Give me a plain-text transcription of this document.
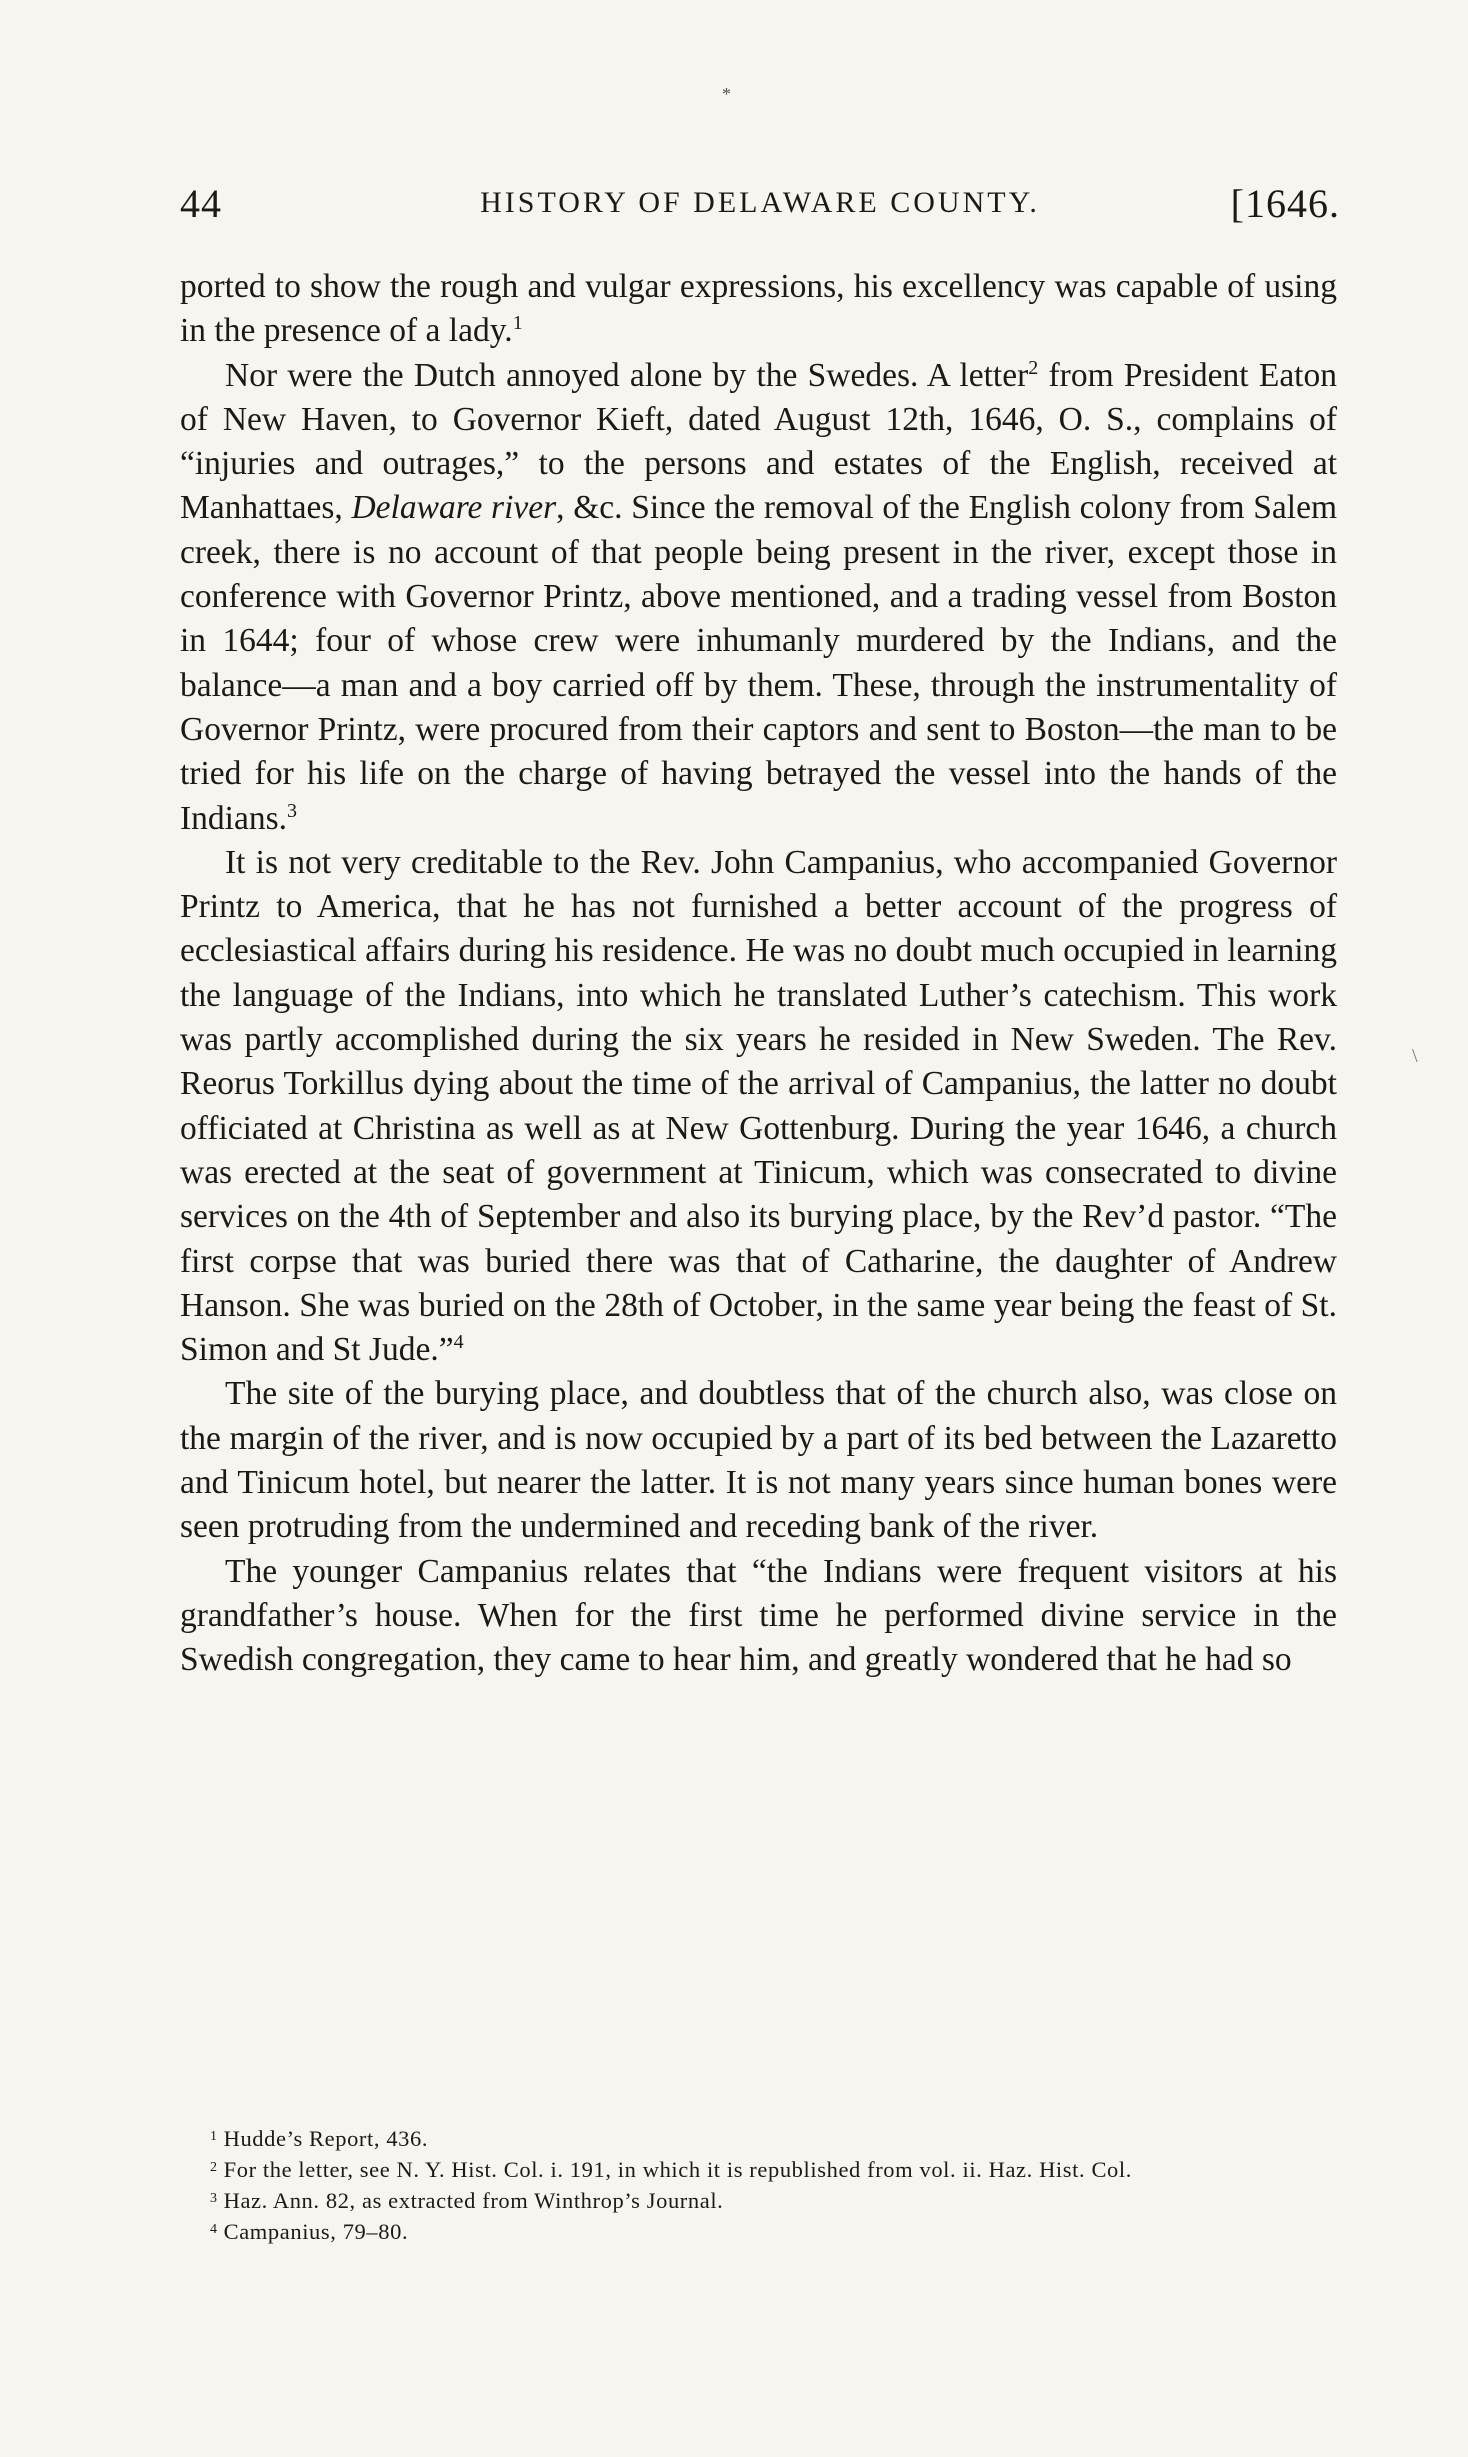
*
\
44	HISTORY OF DELAWARE COUNTY.	[1646.

ported to show the rough and vulgar expressions, his excellency was capable of using in the presence of a lady.$^1$

Nor were the Dutch annoyed alone by the Swedes. A letter$^2$ from President Eaton of New Haven, to Governor Kieft, dated August 12th, 1646, O. S., complains of “injuries and outrages,” to the persons and estates of the English, received at Manhattaes, Delaware river, &c. Since the removal of the English colony from Salem creek, there is no account of that people being present in the river, except those in conference with Governor Printz, above mentioned, and a trading vessel from Boston in 1644; four of whose crew were inhumanly murdered by the Indians, and the balance—a man and a boy carried off by them. These, through the instrumentality of Governor Printz, were procured from their captors and sent to Boston—the man to be tried for his life on the charge of having betrayed the vessel into the hands of the Indians.$^3$

It is not very creditable to the Rev. John Campanius, who accompanied Governor Printz to America, that he has not furnished a better account of the progress of ecclesiastical affairs during his residence. He was no doubt much occupied in learning the language of the Indians, into which he translated Luther’s catechism. This work was partly accomplished during the six years he resided in New Sweden. The Rev. Reorus Torkillus dying about the time of the arrival of Campanius, the latter no doubt officiated at Christina as well as at New Gottenburg. During the year 1646, a church was erected at the seat of government at Tinicum, which was consecrated to divine services on the 4th of September and also its burying place, by the Rev’d pastor. “The first corpse that was buried there was that of Catharine, the daughter of Andrew Hanson. She was buried on the 28th of October, in the same year being the feast of St. Simon and St Jude.”$^4$

The site of the burying place, and doubtless that of the church also, was close on the margin of the river, and is now occupied by a part of its bed between the Lazaretto and Tinicum hotel, but nearer the latter. It is not many years since human bones were seen protruding from the undermined and receding bank of the river.

The younger Campanius relates that “the Indians were frequent visitors at his grandfather’s house. When for the first time he performed divine service in the Swedish congregation, they came to hear him, and greatly wondered that he had so

$^1$ Hudde’s Report, 436.

$^2$ For the letter, see N. Y. Hist. Col. i. 191, in which it is republished from vol. ii. Haz. Hist. Col.

$^3$ Haz. Ann. 82, as extracted from Winthrop’s Journal.

$^4$ Campanius, 79–80.
